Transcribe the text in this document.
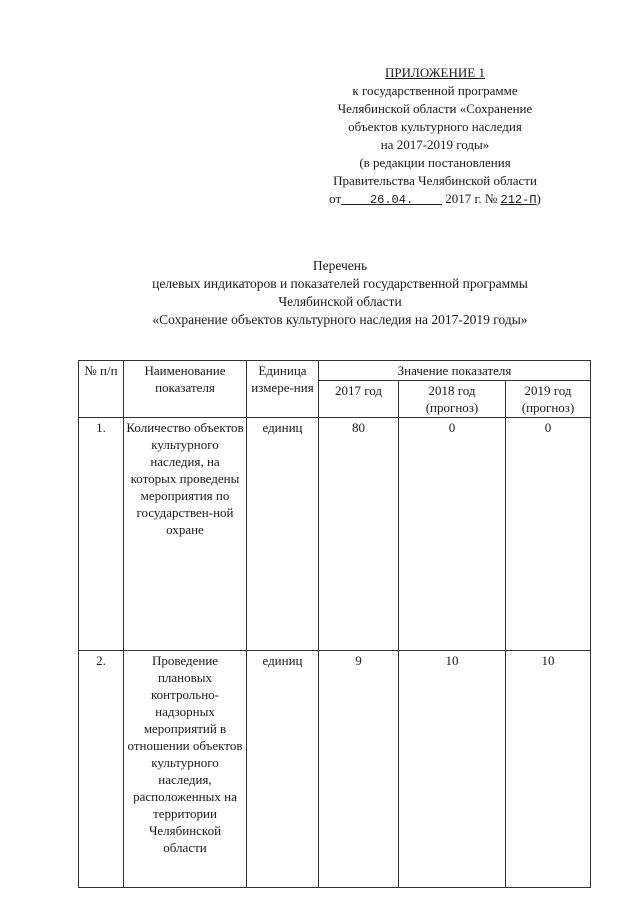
ПРИЛОЖЕНИЕ 1
к государственной программе
Челябинской области «Сохранение
объектов культурного наследия
на 2017-2019 годы»
(в редакции постановления
Правительства Челябинской области
от 26.04. 2017 г. № 212-П)
Перечень
целевых индикаторов и показателей государственной программы
Челябинской области
«Сохранение объектов культурного наследия на 2017-2019 годы»
№ п/п	Наименование показателя	Единица измере-ния	Значение показателя		
			2017 год	2018 год (прогноз)	2019 год (прогноз)
1.	Количество объектов культурного наследия, на которых проведены мероприятия по государствен-ной охране	единиц	80	0	0
2.	Проведение плановых контрольно-надзорных мероприятий в отношении объектов культурного наследия, расположенных на территории Челябинской области	единиц	9	10	10
